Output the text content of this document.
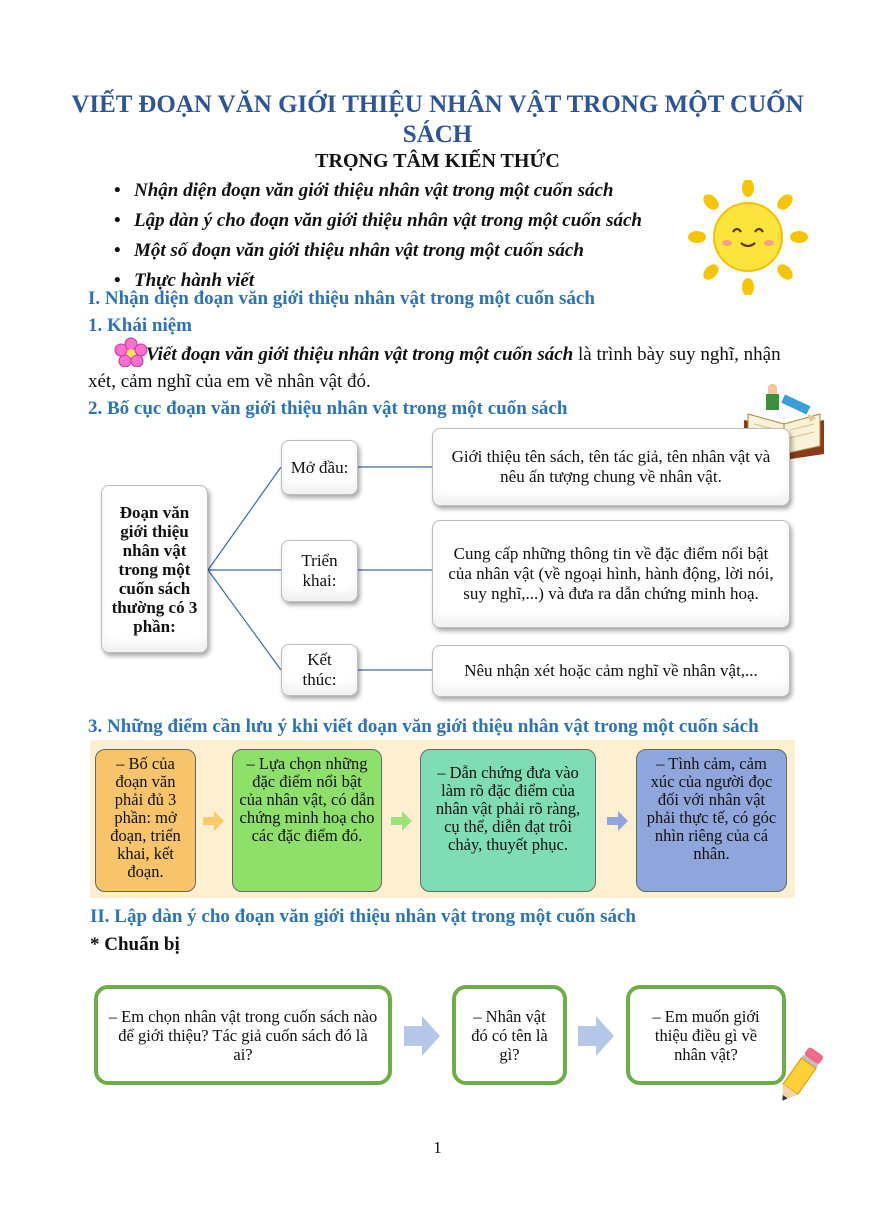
VIẾT ĐOẠN VĂN GIỚI THIỆU NHÂN VẬT TRONG MỘT CUỐN SÁCH
TRỌNG TÂM KIẾN THỨC
• Nhận diện đoạn văn giới thiệu nhân vật trong một cuốn sách
• Lập dàn ý cho đoạn văn giới thiệu nhân vật trong một cuốn sách
• Một số đoạn văn giới thiệu nhân vật trong một cuốn sách
• Thực hành viết
I. Nhận diện đoạn văn giới thiệu nhân vật trong một cuốn sách
1. Khái niệm
Viết đoạn văn giới thiệu nhân vật trong một cuốn sách là trình bày suy nghĩ, nhận xét, cảm nghĩ của em về nhân vật đó.
2. Bố cục đoạn văn giới thiệu nhân vật trong một cuốn sách
Đoạn văn giới thiệu nhân vật trong một cuốn sách thường có 3 phần:
Mở đầu:
Triển khai:
Kết thúc:
Giới thiệu tên sách, tên tác giả, tên nhân vật và nêu ấn tượng chung về nhân vật.
Cung cấp những thông tin về đặc điểm nổi bật của nhân vật (về ngoại hình, hành động, lời nói, suy nghĩ,...) và đưa ra dẫn chứng minh hoạ.
Nêu nhận xét hoặc cảm nghĩ về nhân vật,...
3. Những điểm cần lưu ý khi viết đoạn văn giới thiệu nhân vật trong một cuốn sách
– Bố của đoạn văn phải đủ 3 phần: mở đoạn, triển khai, kết đoạn.
– Lựa chọn những đặc điểm nổi bật của nhân vật, có dẫn chứng minh hoạ cho các đặc điểm đó.
– Dẫn chứng đưa vào làm rõ đặc điểm của nhân vật phải rõ ràng, cụ thể, diễn đạt trôi chảy, thuyết phục.
– Tình cảm, cảm xúc của người đọc đối với nhân vật phải thực tế, có góc nhìn riêng của cá nhân.
II. Lập dàn ý cho đoạn văn giới thiệu nhân vật trong một cuốn sách
* Chuẩn bị
– Em chọn nhân vật trong cuốn sách nào để giới thiệu? Tác giả cuốn sách đó là ai?
– Nhân vật đó có tên là gì?
– Em muốn giới thiệu điều gì về nhân vật?
1
